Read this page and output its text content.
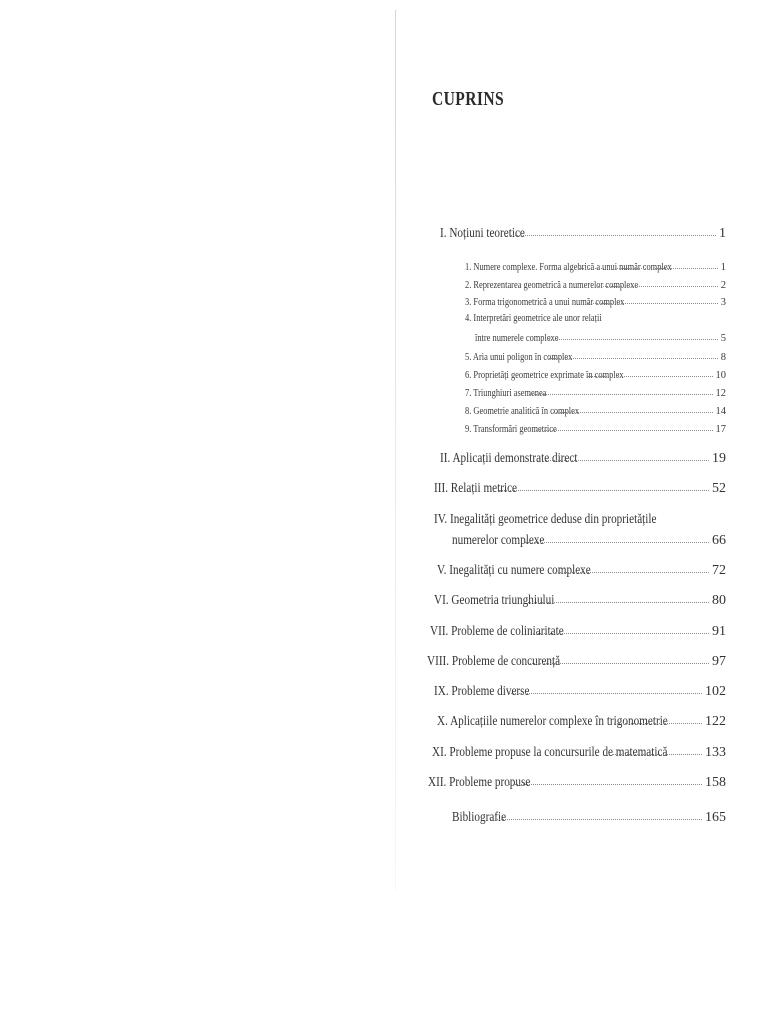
CUPRINS
I. Noțiuni teoretice	1
1. Numere complexe. Forma algebrică a unui număr complex	1
2. Reprezentarea geometrică a numerelor complexe	2
3. Forma trigonometrică a unui număr complex	3
4. Interpretări geometrice ale unor relații
între numerele complexe	5
5. Aria unui poligon în complex	8
6. Proprietăți geometrice exprimate în complex	10
7. Triunghiuri asemenea	12
8. Geometrie analitică în complex	14
9. Transformări geometrice	17
II. Aplicații demonstrate direct	19
III. Relații metrice	52
IV. Inegalități geometrice deduse din proprietățile
numerelor complexe	66
V. Inegalități cu numere complexe	72
VI. Geometria triunghiului	80
VII. Probleme de coliniaritate	91
VIII. Probleme de concurență	97
IX. Probleme diverse	102
X. Aplicațiile numerelor complexe în trigonometrie	122
XI. Probleme propuse la concursurile de matematică	133
XII. Probleme propuse	158
Bibliografie	165
